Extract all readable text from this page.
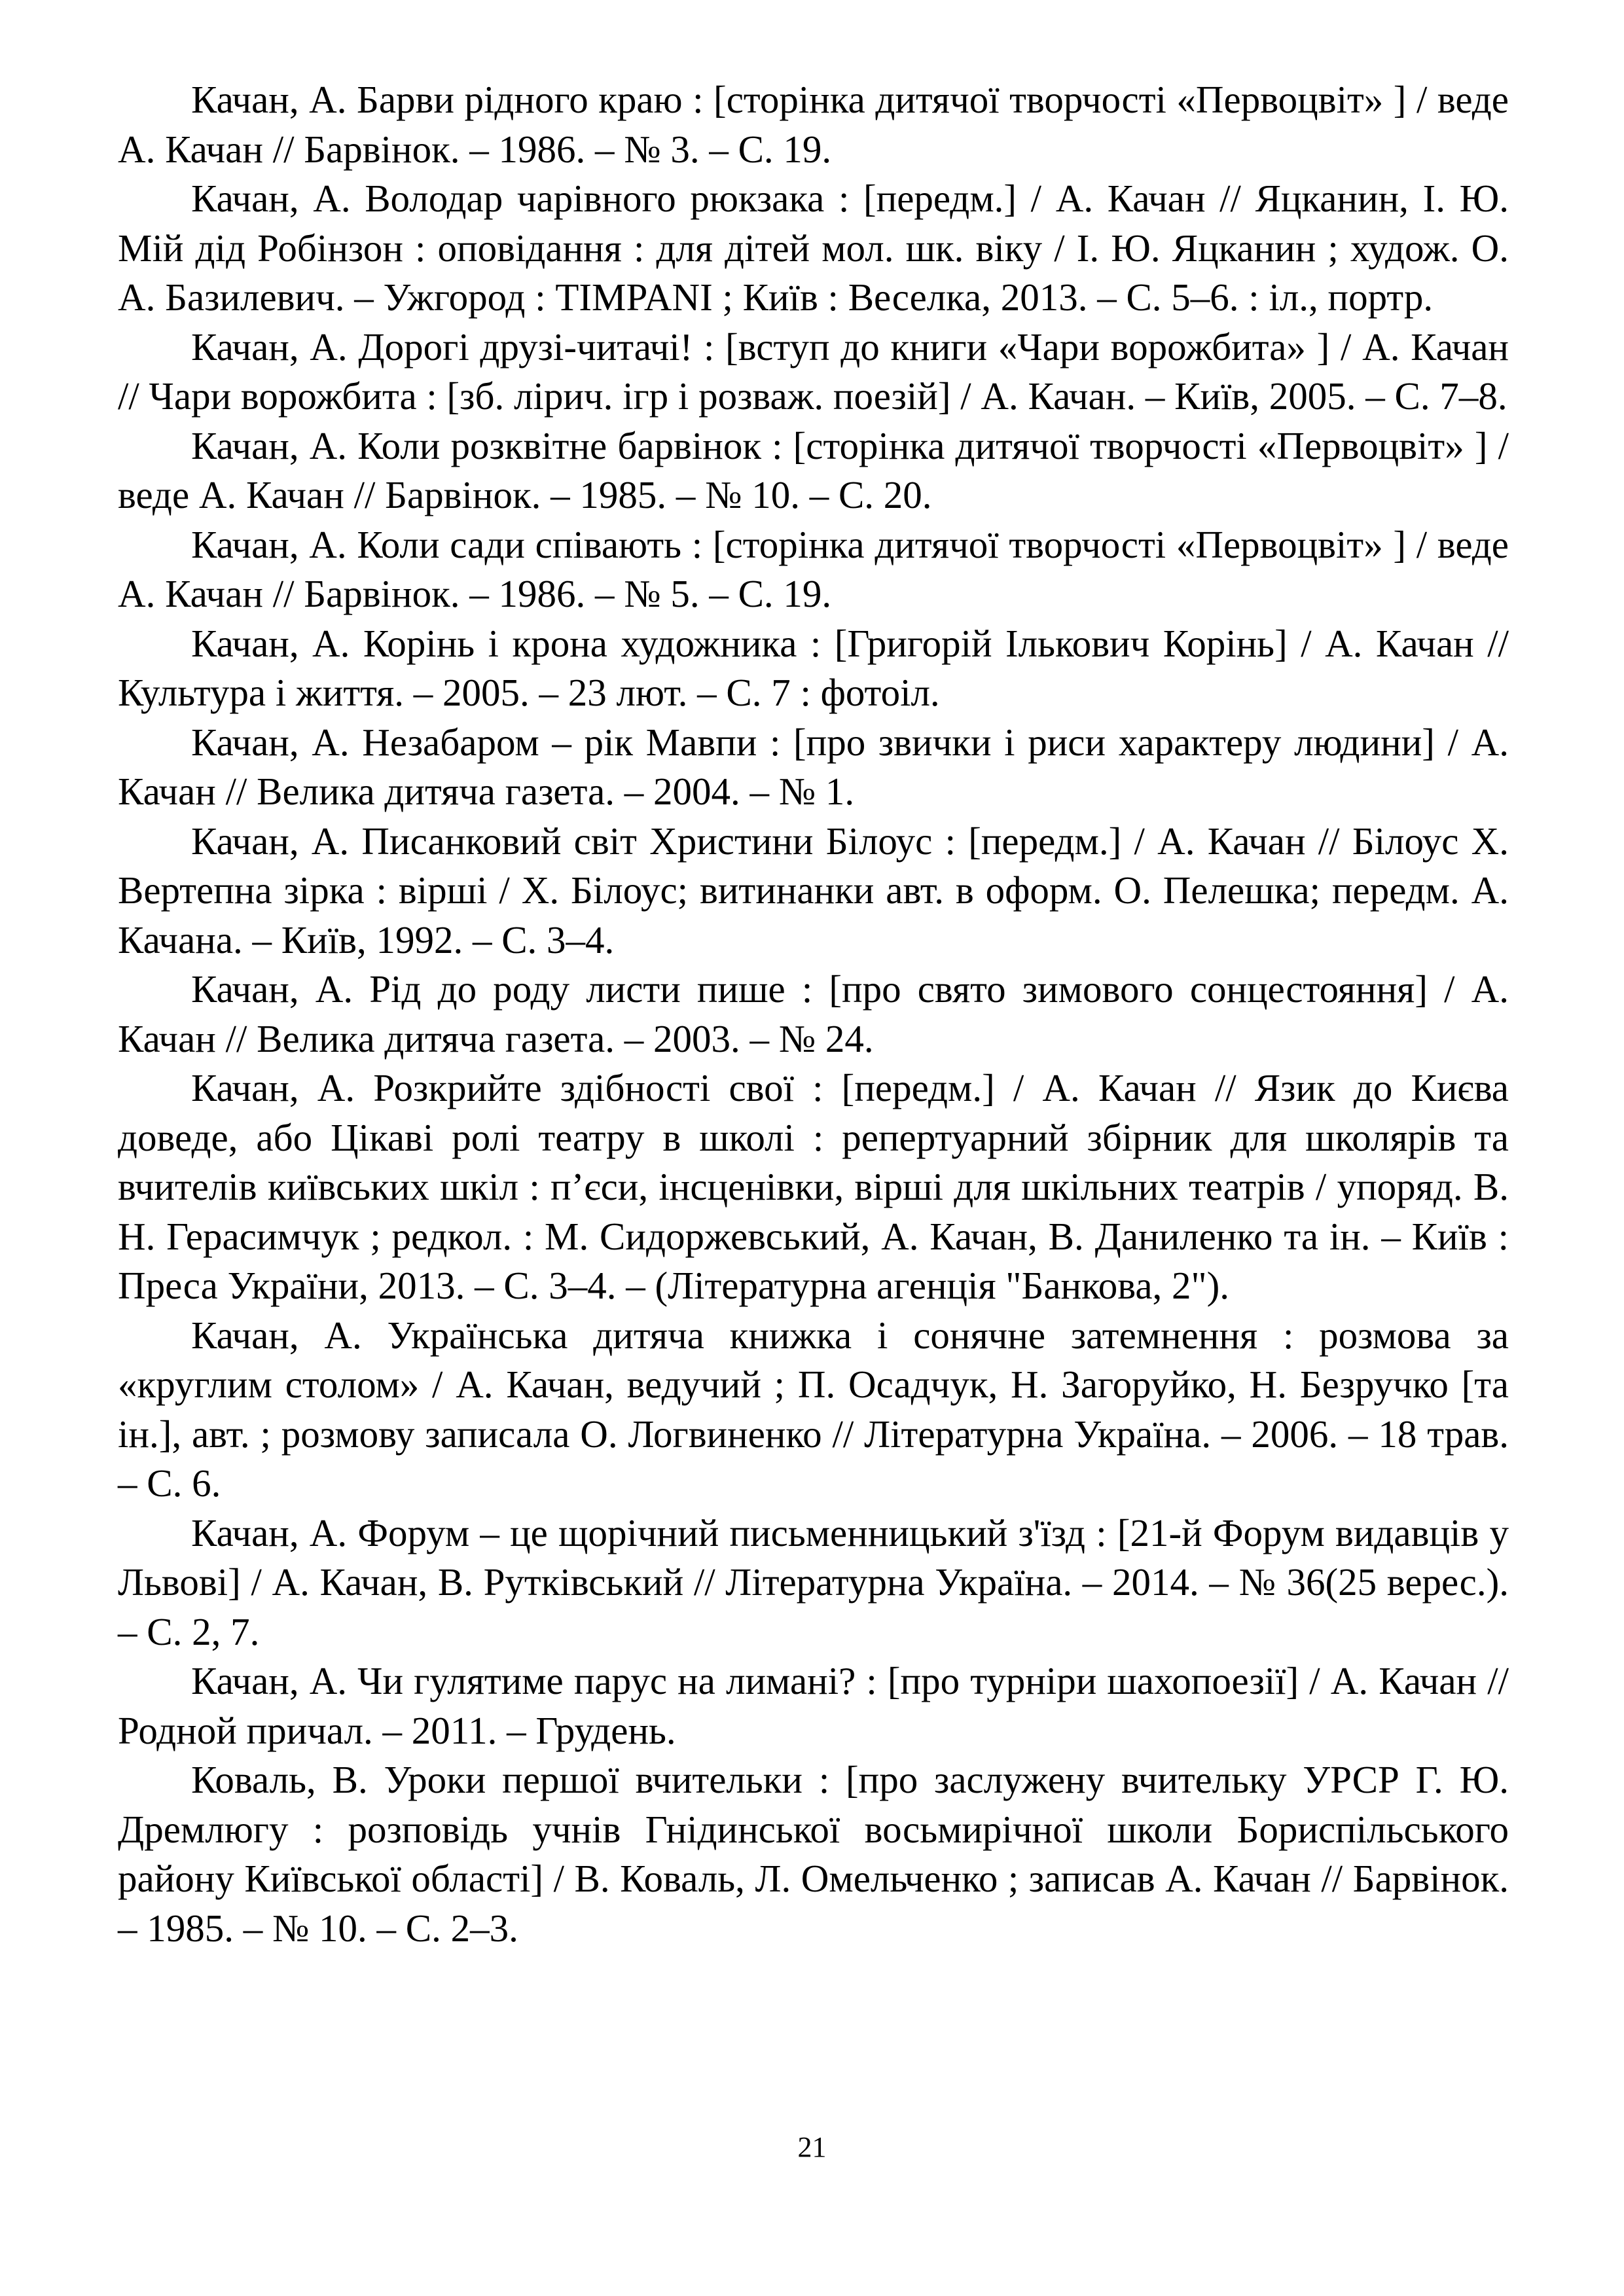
Качан, А. Барви рідного краю : [сторінка дитячої творчості «Первоцвіт» ] / веде А. Качан // Барвінок. – 1986. – № 3. – С. 19.

Качан, А. Володар чарівного рюкзака : [передм.] / А. Качан // Яцканин, І. Ю. Мій дід Робінзон : оповідання : для дітей мол. шк. віку / І. Ю. Яцканин ; худож. О. А. Базилевич. – Ужгород : TIMPANI ; Київ : Веселка, 2013. – С. 5–6. : іл., портр.

Качан, А. Дорогі друзі-читачі! : [вступ до книги «Чари ворожбита» ] / А. Качан // Чари ворожбита : [зб. лірич. ігр і розваж. поезій] / А. Качан. – Київ, 2005. – С. 7–8.

Качан, А. Коли розквітне барвінок : [сторінка дитячої творчості «Первоцвіт» ] / веде А. Качан // Барвінок. – 1985. – № 10. – С. 20.

Качан, А. Коли сади співають : [сторінка дитячої творчості «Первоцвіт» ] / веде А. Качан // Барвінок. – 1986. – № 5. – С. 19.

Качан, А. Корінь і крона художника : [Григорій Ількович Корінь] / А. Качан // Культура і життя. – 2005. – 23 лют. – С. 7 : фотоіл.

Качан, А. Незабаром – рік Мавпи : [про звички і риси характеру людини] / А. Качан // Велика дитяча газета. – 2004. – № 1.

Качан, А. Писанковий світ Христини Білоус : [передм.] / А. Качан // Білоус Х. Вертепна зірка : вірші / Х. Білоус; витинанки авт. в оформ. О. Пелешка; передм. А. Качана. – Київ, 1992. – С. 3–4.

Качан, А. Рід до роду листи пише : [про свято зимового сонцестояння] / А. Качан // Велика дитяча газета. – 2003. – № 24.

Качан, А. Розкрийте здібності свої : [передм.] / А. Качан // Язик до Києва доведе, або Цікаві ролі театру в школі : репертуарний збірник для школярів та вчителів київських шкіл : п’єси, інсценівки, вірші для шкільних театрів / упоряд. В. Н. Герасимчук ; редкол. : М. Сидоржевський, А. Качан, В. Даниленко та ін. – Київ : Преса України, 2013. – С. 3–4. – (Літературна агенція "Банкова, 2").

Качан, А. Українська дитяча книжка і сонячне затемнення : розмова за «круглим столом» / А. Качан, ведучий ; П. Осадчук, Н. Загоруйко, Н. Безручко [та ін.], авт. ; розмову записала О. Логвиненко // Літературна Україна. – 2006. – 18 трав. – С. 6.

Качан, А. Форум – це щорічний письменницький з'їзд : [21-й Форум видавців у Львові] / А. Качан, В. Рутківський // Літературна Україна. – 2014. – № 36(25 верес.). – С. 2, 7.

Качан, А. Чи гулятиме парус на лимані? : [про турніри шахопоезії] / А. Качан // Родной причал. – 2011. – Грудень.

Коваль, В. Уроки першої вчительки : [про заслужену вчительку УРСР Г. Ю. Дремлюгу : розповідь учнів Гнідинської восьмирічної школи Бориспільського району Київської області] / В. Коваль, Л. Омельченко ; записав А. Качан // Барвінок. – 1985. – № 10. – С. 2–3.

21
